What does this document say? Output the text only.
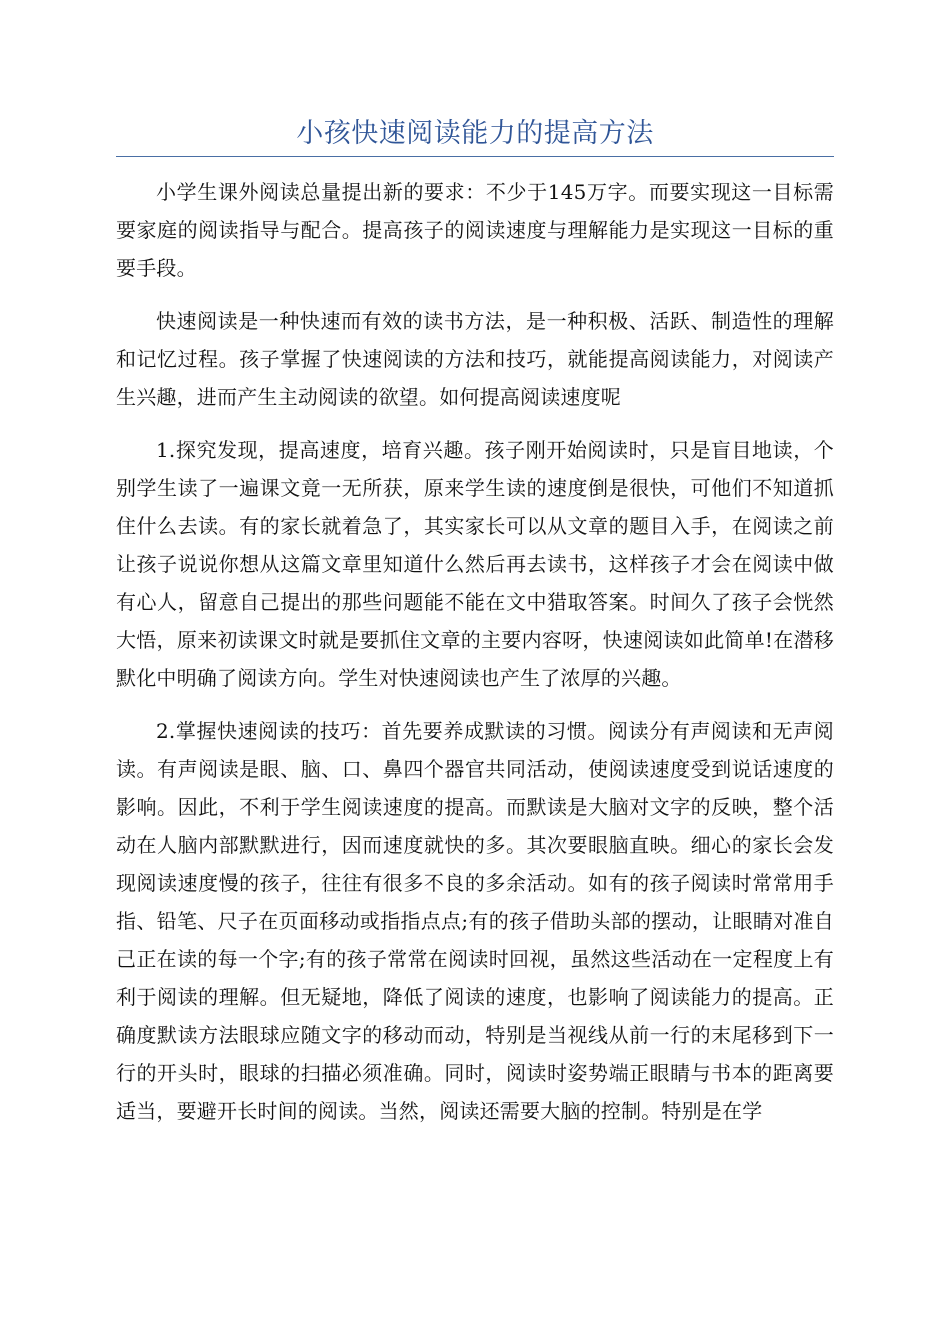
小孩快速阅读能力的提高方法

小学生课外阅读总量提出新的要求：不少于145万字。而要实现这一目标需要家庭的阅读指导与配合。提高孩子的阅读速度与理解能力是实现这一目标的重要手段。

快速阅读是一种快速而有效的读书方法，是一种积极、活跃、制造性的理解和记忆过程。孩子掌握了快速阅读的方法和技巧，就能提高阅读能力，对阅读产生兴趣，进而产生主动阅读的欲望。如何提高阅读速度呢

1.探究发现，提高速度，培育兴趣。孩子刚开始阅读时，只是盲目地读，个别学生读了一遍课文竟一无所获，原来学生读的速度倒是很快，可他们不知道抓住什么去读。有的家长就着急了，其实家长可以从文章的题目入手，在阅读之前让孩子说说你想从这篇文章里知道什么然后再去读书，这样孩子才会在阅读中做有心人，留意自己提出的那些问题能不能在文中猎取答案。时间久了孩子会恍然大悟，原来初读课文时就是要抓住文章的主要内容呀，快速阅读如此简单!在潜移默化中明确了阅读方向。学生对快速阅读也产生了浓厚的兴趣。

2.掌握快速阅读的技巧：首先要养成默读的习惯。阅读分有声阅读和无声阅读。有声阅读是眼、脑、口、鼻四个器官共同活动，使阅读速度受到说话速度的影响。因此，不利于学生阅读速度的提高。而默读是大脑对文字的反映，整个活动在人脑内部默默进行，因而速度就快的多。其次要眼脑直映。细心的家长会发现阅读速度慢的孩子，往往有很多不良的多余活动。如有的孩子阅读时常常用手指、铅笔、尺子在页面移动或指指点点;有的孩子借助头部的摆动，让眼睛对准自己正在读的每一个字;有的孩子常常在阅读时回视，虽然这些活动在一定程度上有利于阅读的理解。但无疑地，降低了阅读的速度，也影响了阅读能力的提高。正确度默读方法眼球应随文字的移动而动，特别是当视线从前一行的末尾移到下一行的开头时，眼球的扫描必须准确。同时，阅读时姿势端正眼睛与书本的距离要适当，要避开长时间的阅读。当然，阅读还需要大脑的控制。特别是在学
